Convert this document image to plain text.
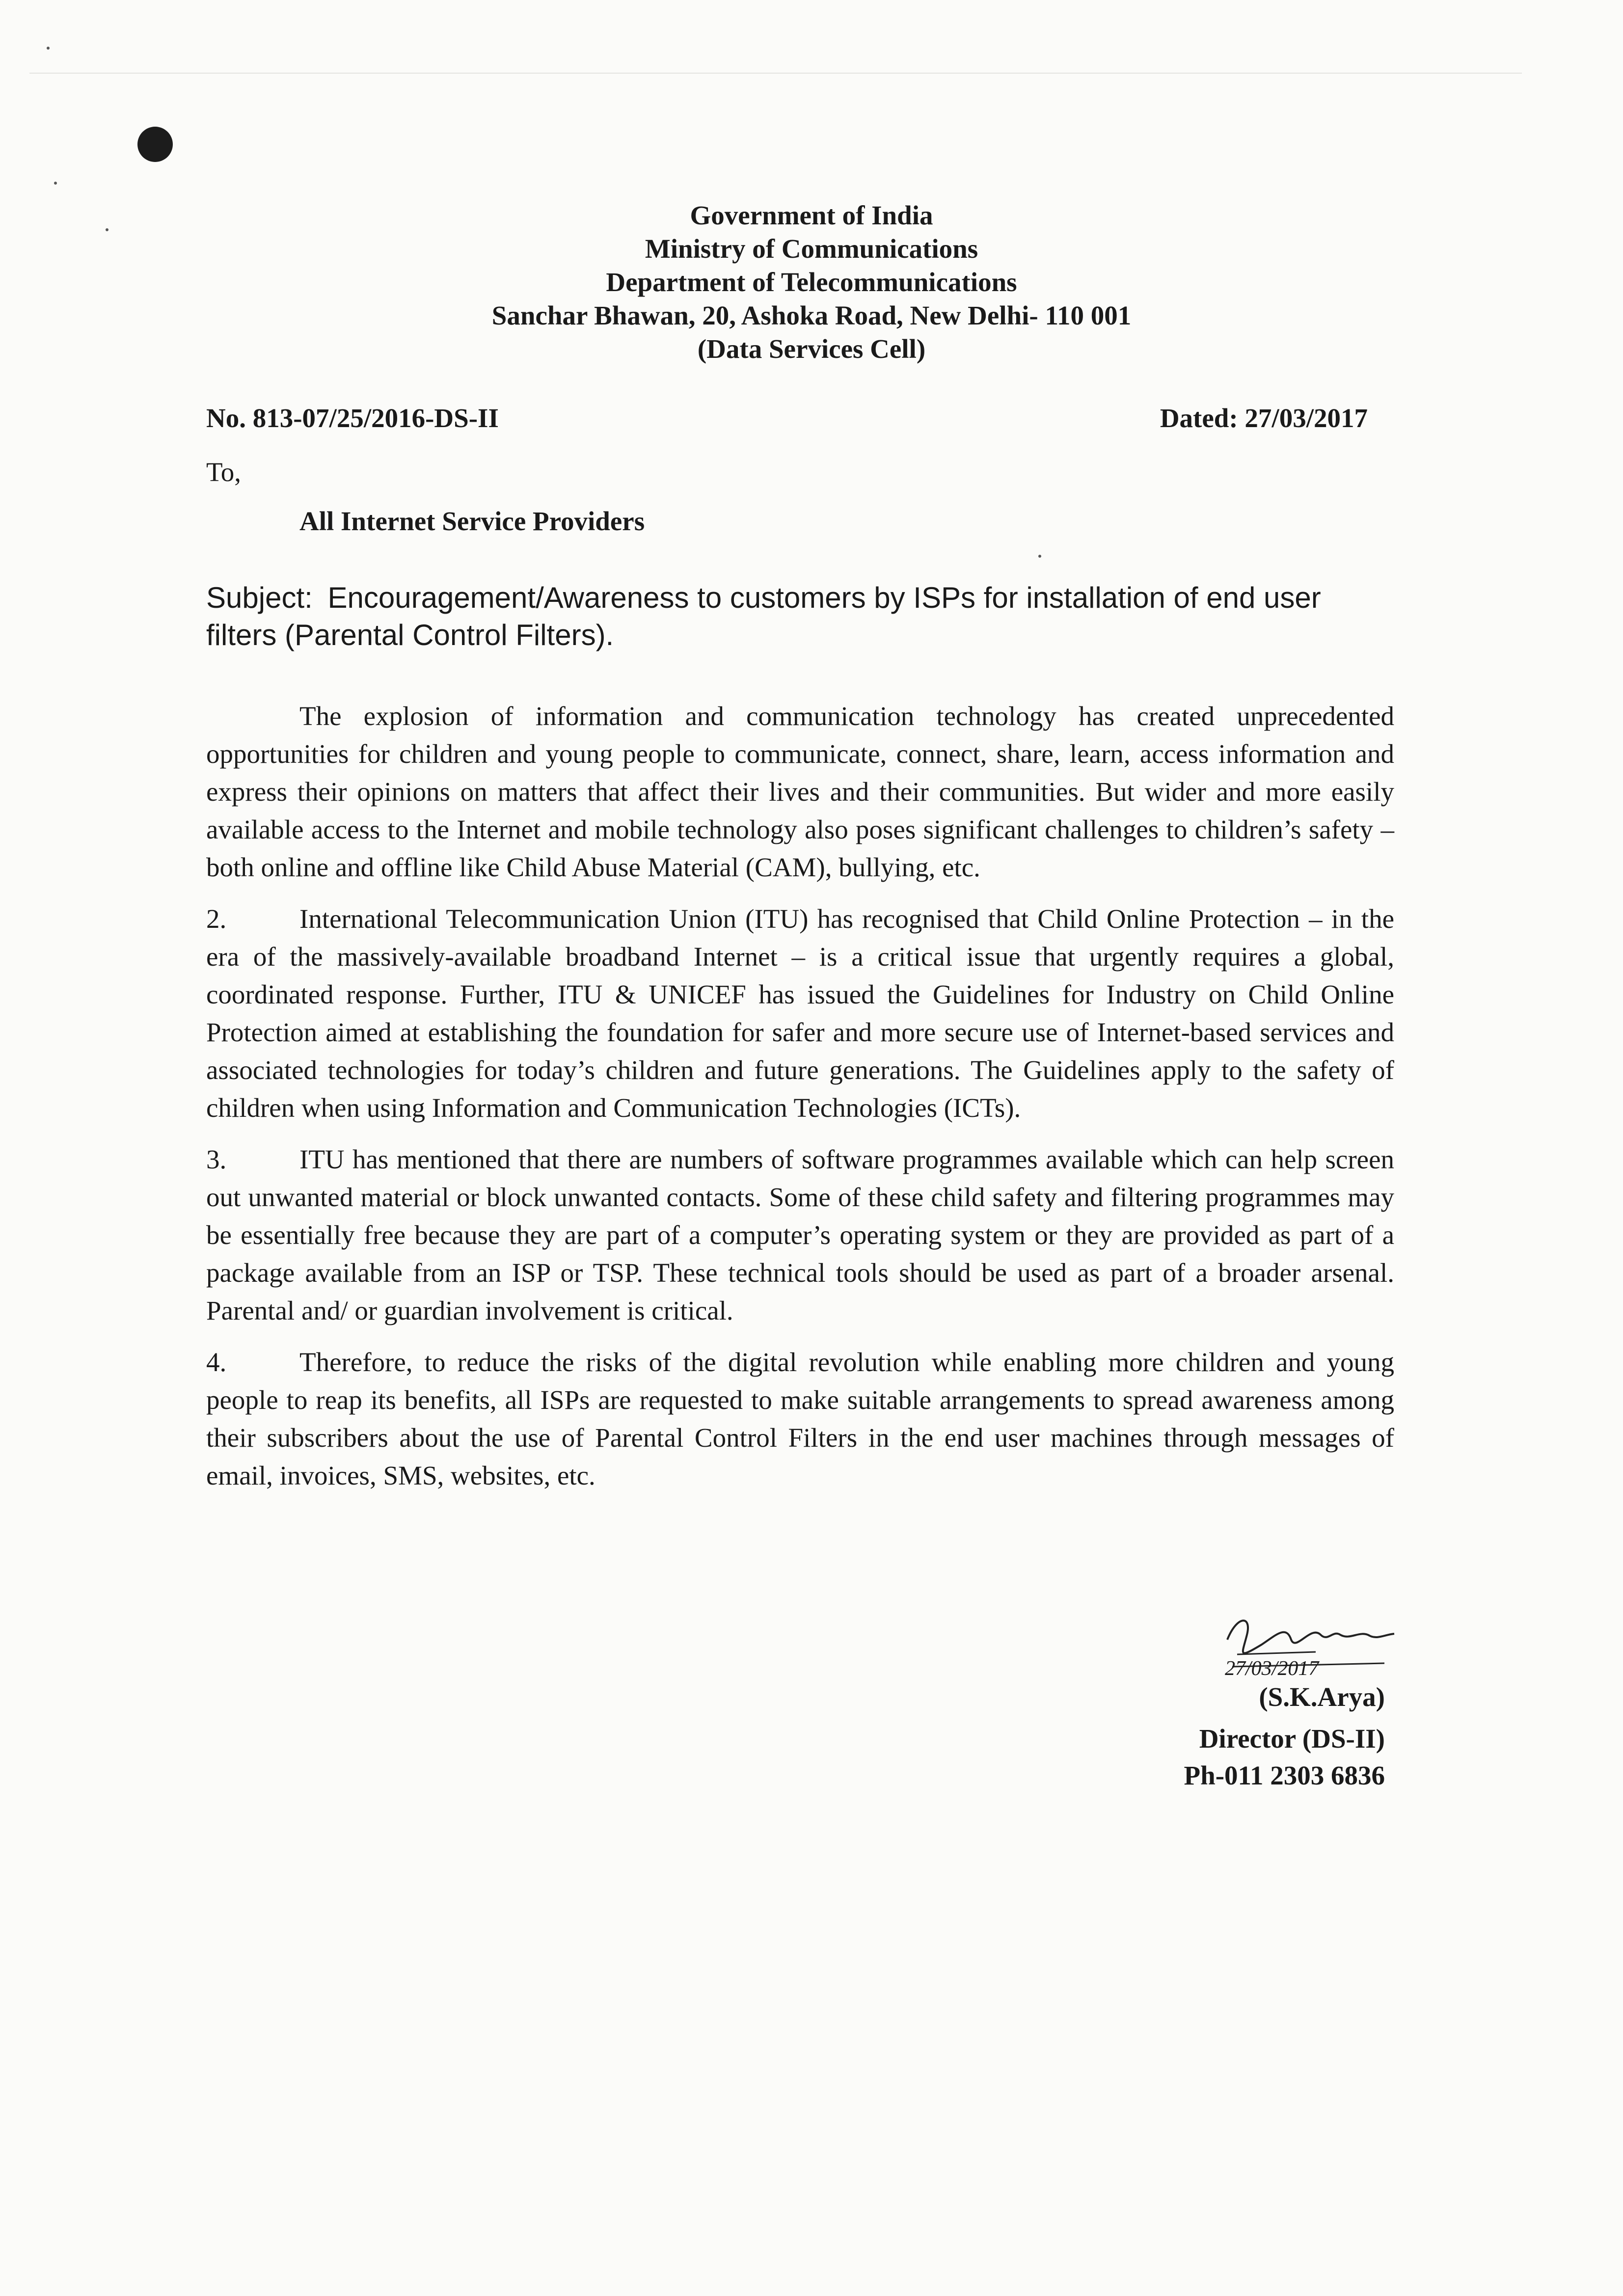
Government of India
Ministry of Communications
Department of Telecommunications
Sanchar Bhawan, 20, Ashoka Road, New Delhi- 110 001
(Data Services Cell)
No. 813-07/25/2016-DS-II	Dated: 27/03/2017
To,
All Internet Service Providers
Subject: Encouragement/Awareness to customers by ISPs for installation of end user filters (Parental Control Filters).

The explosion of information and communication technology has created unprecedented opportunities for children and young people to communicate, connect, share, learn, access information and express their opinions on matters that affect their lives and their communities. But wider and more easily available access to the Internet and mobile technology also poses significant challenges to children’s safety – both online and offline like Child Abuse Material (CAM), bullying, etc.

2.	International Telecommunication Union (ITU) has recognised that Child Online Protection – in the era of the massively-available broadband Internet – is a critical issue that urgently requires a global, coordinated response. Further, ITU & UNICEF has issued the Guidelines for Industry on Child Online Protection aimed at establishing the foundation for safer and more secure use of Internet-based services and associated technologies for today’s children and future generations. The Guidelines apply to the safety of children when using Information and Communication Technologies (ICTs).

3.	ITU has mentioned that there are numbers of software programmes available which can help screen out unwanted material or block unwanted contacts. Some of these child safety and filtering programmes may be essentially free because they are part of a computer’s operating system or they are provided as part of a package available from an ISP or TSP. These technical tools should be used as part of a broader arsenal. Parental and/ or guardian involvement is critical.

4.	Therefore, to reduce the risks of the digital revolution while enabling more children and young people to reap its benefits, all ISPs are requested to make suitable arrangements to spread awareness among their subscribers about the use of Parental Control Filters in the end user machines through messages of email, invoices, SMS, websites, etc.

27/03/2017
(S.K.Arya)
Director (DS-II)
Ph-011 2303 6836
